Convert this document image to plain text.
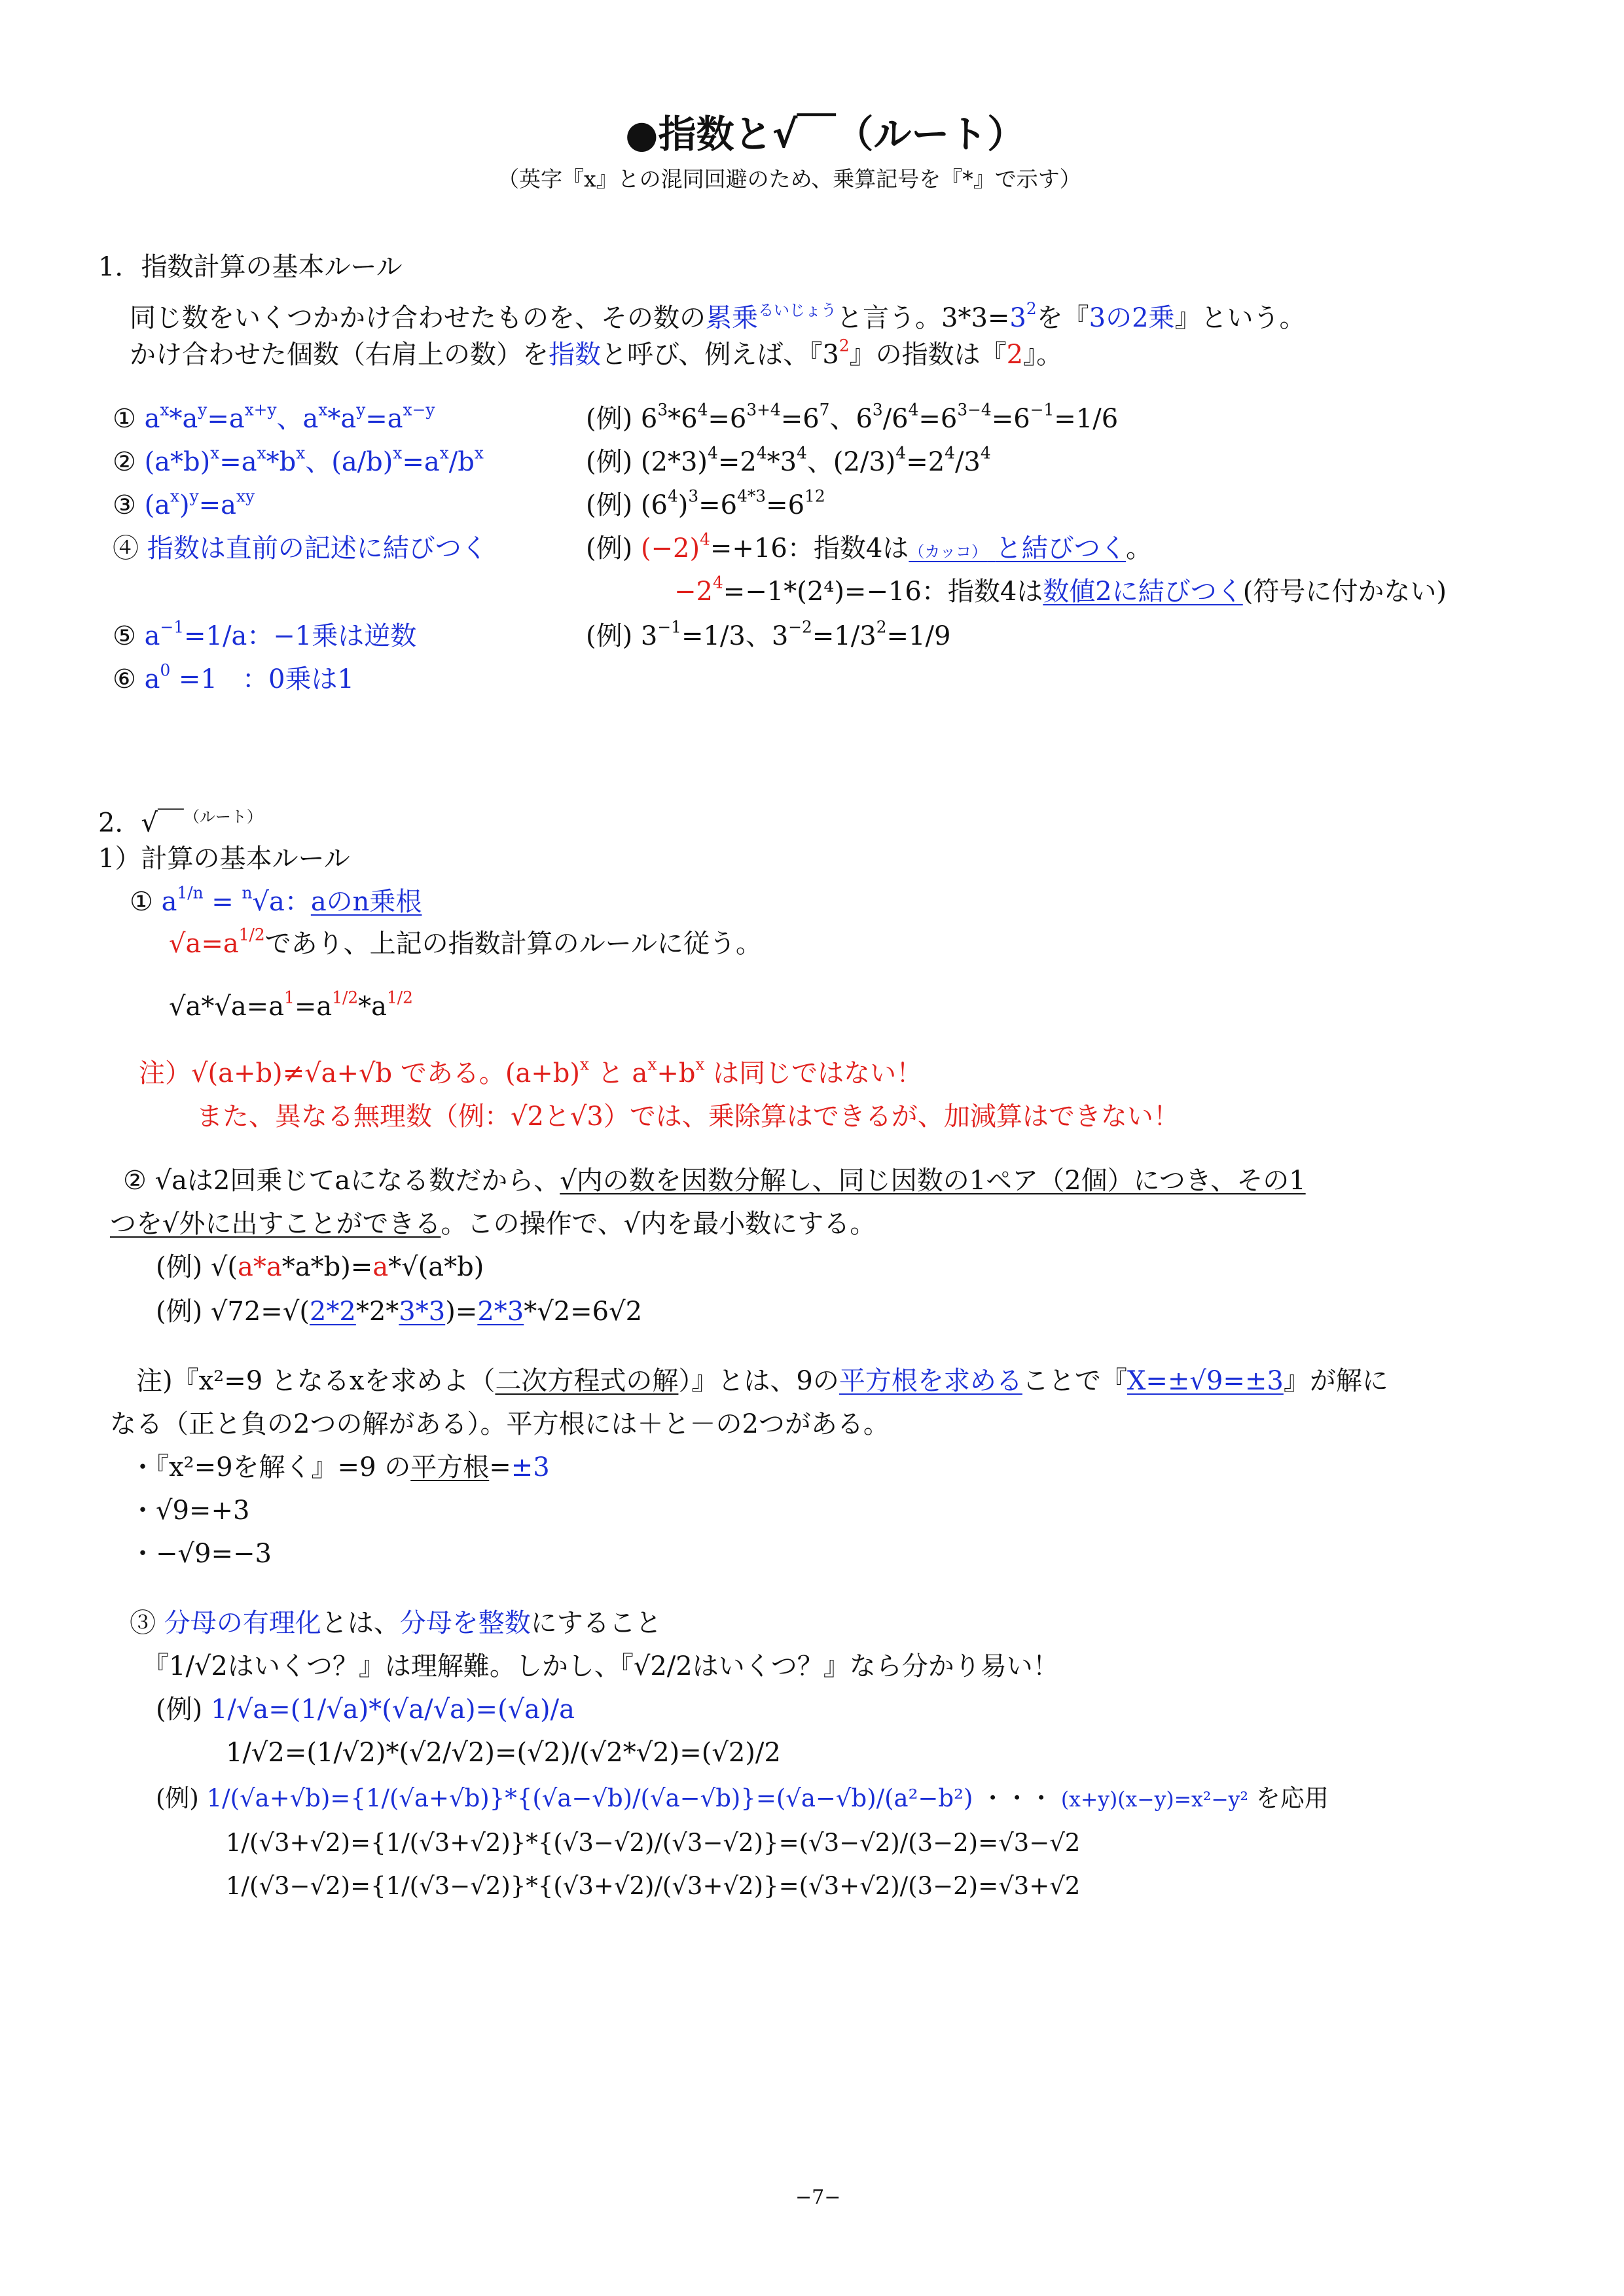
●指数と√￣（ルート）
（英字『x』との混同回避のため、乗算記号を『*』で示す）
1．指数計算の基本ルール
同じ数をいくつかかけ合わせたものを、その数の累乗$^{るいじょう}$と言う。$3*3=3^2$を『3の2乗』という。
かけ合わせた個数（右肩上の数）を指数と呼び、例えば、『$3^2$』の指数は『2』。
① $a^x*a^y=a^{x+y}$、$a^x*a^y=a^{x-y}$	(例) $6^3*6^4=6^{3+4}=6^7$、$6^3/6^4=6^{3-4}=6^{-1}=1/6$
② $(a*b)^x=a^x*b^x$、$(a/b)^x=a^x/b^x$	(例) $(2*3)^4=2^4*3^4$、$(2/3)^4=2^4/3^4$
③ $(a^x)^y=a^{xy}$	(例) $(6^4)^3=6^{4*3}=6^{12}$
④ 指数は直前の記述に結びつく	(例) $(-2)^4=+16$：指数4は（カッコ） と結びつく。
$-2^4=-1*(2^4)=-16$：指数4は数値2に結びつく(符号に付かない)
⑤ $a^{-1}=1/a$：−1乗は逆数	(例) $3^{-1}=1/3$、$3^{-2}=1/3^2=1/9$
⑥ $a^0 =1$   ：0乗は1
2．√￣$^{(ルート)}$
1）計算の基本ルール
① $a^{1/n} = ^n√a$：aのn乗根
$√a=a^{1/2}$であり、上記の指数計算のルールに従う。
$√a*√a=a^1=a^{1/2}*a^{1/2}$
注）√(a+b)≠√a+√b である。$(a+b)^x$ と $a^x+b^x$ は同じではない！
また、異なる無理数（例：√2と√3）では、乗除算はできるが、加減算はできない！
② √aは2回乗じてaになる数だから、√内の数を因数分解し、同じ因数の1ペア（2個）につき、その1
つを√外に出すことができる。この操作で、√内を最小数にする。
(例) √(a*a*a*b)=a*√(a*b)
(例) √72=√(2*2*2*3*3)=2*3*√2=6√2
注)『x²=9 となるxを求めよ（二次方程式の解）』とは、9の平方根を求めることで『X=±√9=±3』が解に
なる（正と負の2つの解がある）。平方根には＋と－の2つがある。
・『x²=9を解く』=9 の平方根=±3
・√9=+3
・−√9=−3
③ 分母の有理化とは、分母を整数にすること
『1/√2はいくつ？』は理解難。しかし、『√2/2はいくつ？』なら分かり易い！
(例) 1/√a=(1/√a)*(√a/√a)=(√a)/a
1/√2=(1/√2)*(√2/√2)=(√2)/(√2*√2)=(√2)/2
(例) 1/(√a+√b)={1/(√a+√b)}*{(√a−√b)/(√a−√b)}=(√a−√b)/(a²−b²) ・・・ (x+y)(x−y)=x²−y² を応用
1/(√3+√2)={1/(√3+√2)}*{(√3−√2)/(√3−√2)}=(√3−√2)/(3−2)=√3−√2
1/(√3−√2)={1/(√3−√2)}*{(√3+√2)/(√3+√2)}=(√3+√2)/(3−2)=√3+√2
−7−
